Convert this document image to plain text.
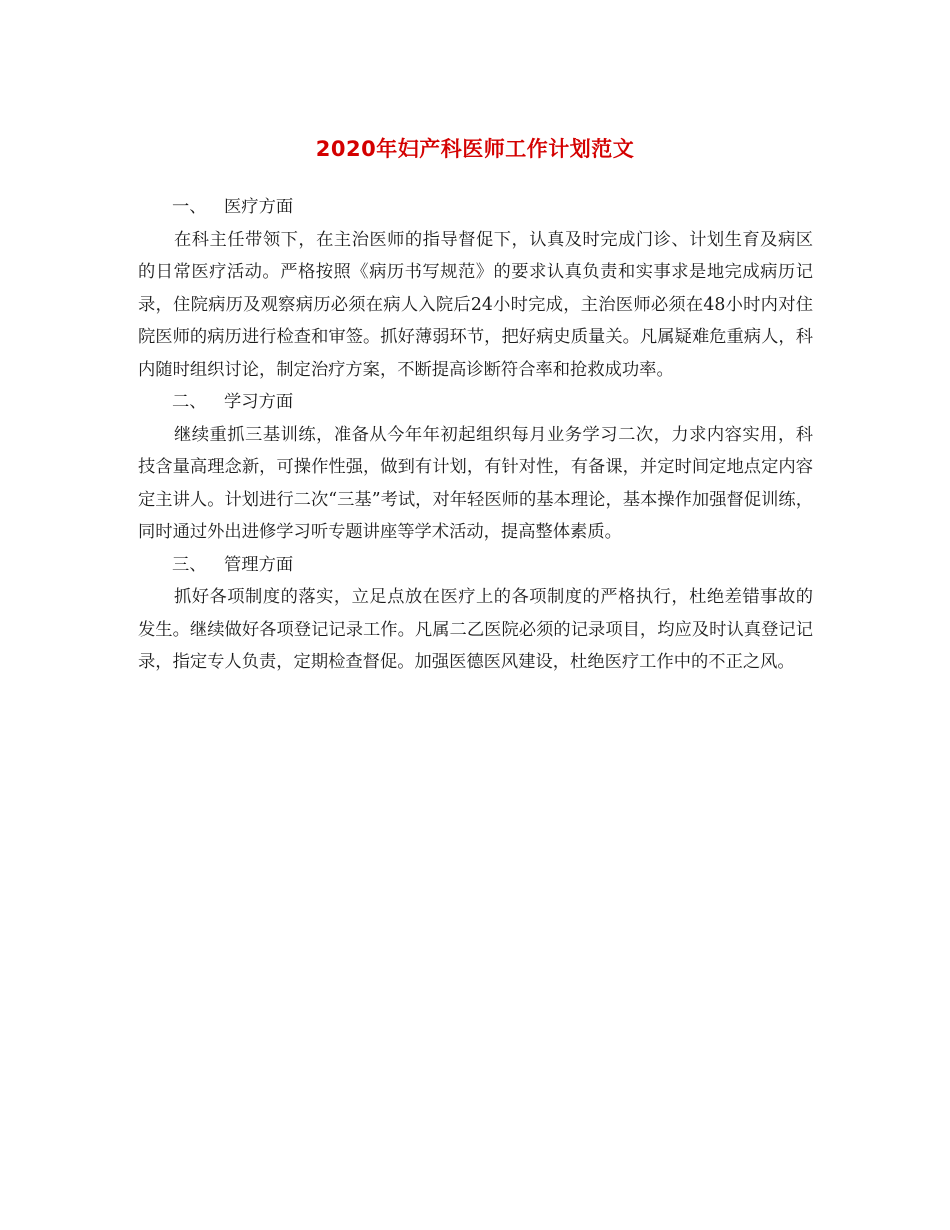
2020年妇产科医师工作计划范文
一、 医疗方面

在科主任带领下，在主治医师的指导督促下，认真及时完成门诊、计划生育及病区的日常医疗活动。严格按照《病历书写规范》的要求认真负责和实事求是地完成病历记录，住院病历及观察病历必须在病人入院后24小时完成，主治医师必须在48小时内对住院医师的病历进行检查和审签。抓好薄弱环节，把好病史质量关。凡属疑难危重病人，科内随时组织讨论，制定治疗方案，不断提高诊断符合率和抢救成功率。

二、 学习方面

继续重抓三基训练，准备从今年年初起组织每月业务学习二次，力求内容实用，科技含量高理念新，可操作性强，做到有计划，有针对性，有备课，并定时间定地点定内容定主讲人。计划进行二次“三基”考试，对年轻医师的基本理论，基本操作加强督促训练，同时通过外出进修学习听专题讲座等学术活动，提高整体素质。

三、 管理方面

抓好各项制度的落实，立足点放在医疗上的各项制度的严格执行，杜绝差错事故的发生。继续做好各项登记记录工作。凡属二乙医院必须的记录项目，均应及时认真登记记录，指定专人负责，定期检查督促。加强医德医风建设，杜绝医疗工作中的不正之风。
